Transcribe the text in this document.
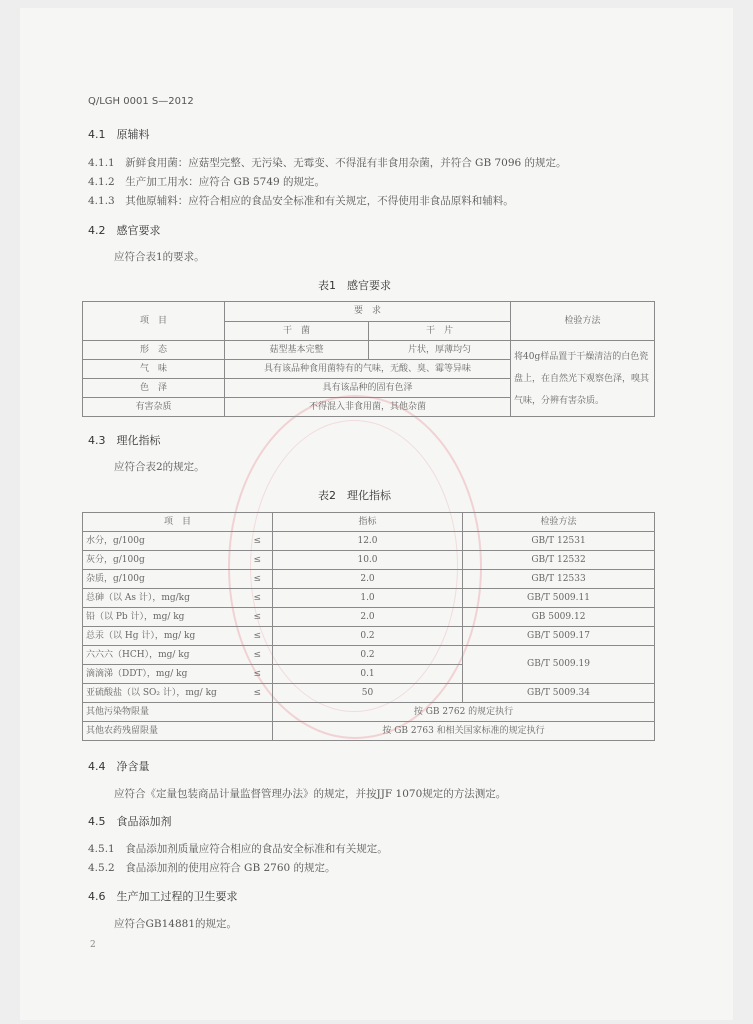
Q/LGH 0001 S—2012
4.1　原辅料
4.1.1　新鲜食用菌：应菇型完整、无污染、无霉变、不得混有非食用杂菌，并符合 GB 7096 的规定。
4.1.2　生产加工用水：应符合 GB 5749 的规定。
4.1.3　其他原辅料：应符合相应的食品安全标准和有关规定，不得使用非食品原料和辅料。
4.2　感官要求
应符合表1的要求。
表1　感官要求
项　目	要　求		检验方法
	干　菌	干　片	
形　态	菇型基本完整	片状，厚薄均匀	将40g样品置于干燥清洁的白色瓷盘上，在自然光下观察色泽，嗅其气味，分辨有害杂质。
气　味	具有该品种食用菌特有的气味，无酸、臭、霉等异味		
色　泽	具有该品种的固有色泽		
有害杂质	不得混入非食用菌，其他杂菌		
4.3　理化指标
应符合表2的规定。
表2　理化指标
项　目		指标	检验方法
水分，g/100g	≤	12.0	GB/T 12531
灰分，g/100g	≤	10.0	GB/T 12532
杂质，g/100g	≤	2.0	GB/T 12533
总砷（以 As 计），mg/kg	≤	1.0	GB/T 5009.11
铅（以 Pb 计），mg/ kg	≤	2.0	GB 5009.12
总汞（以 Hg 计），mg/ kg	≤	0.2	GB/T 5009.17
六六六（HCH），mg/ kg	≤	0.2	GB/T 5009.19
滴滴涕（DDT），mg/ kg	≤	0.1	
亚硫酸盐（以 SO₂ 计），mg/ kg	≤	50	GB/T 5009.34
其他污染物限量		按 GB 2762 的规定执行	
其他农药残留限量		按 GB 2763 和相关国家标准的规定执行	
4.4　净含量
应符合《定量包装商品计量监督管理办法》的规定，并按JJF 1070规定的方法测定。
4.5　食品添加剂
4.5.1　食品添加剂质量应符合相应的食品安全标准和有关规定。
4.5.2　食品添加剂的使用应符合 GB 2760 的规定。
4.6　生产加工过程的卫生要求
应符合GB14881的规定。
2
